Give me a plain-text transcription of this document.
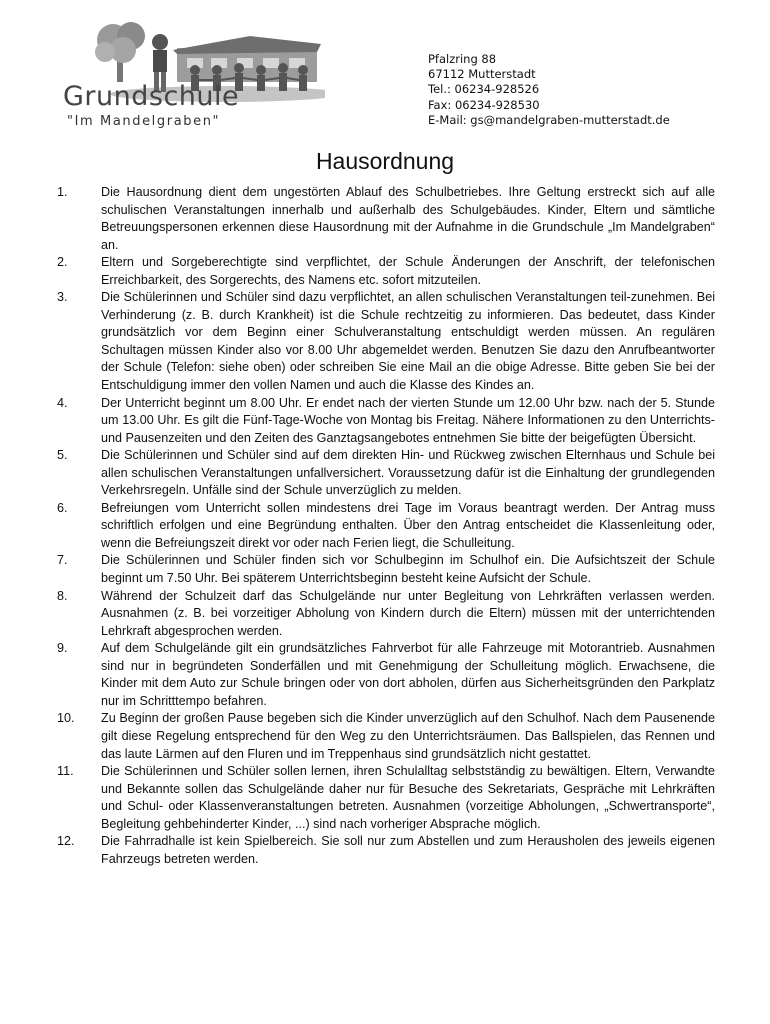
Grundschule
"Im Mandelgraben"
Pfalzring 88
67112 Mutterstadt
Tel.: 06234-928526
Fax: 06234-928530
E-Mail: gs@mandelgraben-mutterstadt.de
Hausordnung
1.	Die Hausordnung dient dem ungestörten Ablauf des Schulbetriebes. Ihre Geltung erstreckt sich auf alle schulischen Veranstaltungen innerhalb und außerhalb des Schulgebäudes. Kinder, Eltern und sämtliche Betreuungspersonen erkennen diese Hausordnung mit der Aufnahme in die Grundschule „Im Mandelgraben“ an.
2.	Eltern und Sorgeberechtigte sind verpflichtet, der Schule Änderungen der Anschrift, der telefonischen Erreichbarkeit, des Sorgerechts, des Namens etc. sofort mitzuteilen.
3.	Die Schülerinnen und Schüler sind dazu verpflichtet, an allen schulischen Veranstaltungen teil-zunehmen. Bei Verhinderung (z. B. durch Krankheit) ist die Schule rechtzeitig zu informieren. Das bedeutet, dass Kinder grundsätzlich vor dem Beginn einer Schulveranstaltung entschuldigt werden müssen. An regulären Schultagen müssen Kinder also vor 8.00 Uhr abgemeldet werden. Benutzen Sie dazu den Anrufbeantworter der Schule (Telefon: siehe oben) oder schreiben Sie eine Mail an die obige Adresse. Bitte geben Sie bei der Entschuldigung immer den vollen Namen und auch die Klasse des Kindes an.
4.	Der Unterricht beginnt um 8.00 Uhr. Er endet nach der vierten Stunde um 12.00 Uhr bzw. nach der 5. Stunde um 13.00 Uhr. Es gilt die Fünf-Tage-Woche von Montag bis Freitag. Nähere Informationen zu den Unterrichts- und Pausenzeiten und den Zeiten des Ganztagsangebotes entnehmen Sie bitte der beigefügten Übersicht.
5.	Die Schülerinnen und Schüler sind auf dem direkten Hin- und Rückweg zwischen Elternhaus und Schule bei allen schulischen Veranstaltungen unfallversichert. Voraussetzung dafür ist die Einhaltung der grundlegenden Verkehrsregeln. Unfälle sind der Schule unverzüglich zu melden.
6.	Befreiungen vom Unterricht sollen mindestens drei Tage im Voraus beantragt werden. Der Antrag muss schriftlich erfolgen und eine Begründung enthalten. Über den Antrag entscheidet die Klassenleitung oder, wenn die Befreiungszeit direkt vor oder nach Ferien liegt, die Schulleitung.
7.	Die Schülerinnen und Schüler finden sich vor Schulbeginn im Schulhof ein. Die Aufsichtszeit der Schule beginnt um 7.50 Uhr. Bei späterem Unterrichtsbeginn besteht keine Aufsicht der Schule.
8.	Während der Schulzeit darf das Schulgelände nur unter Begleitung von Lehrkräften verlassen werden. Ausnahmen (z. B. bei vorzeitiger Abholung von Kindern durch die Eltern) müssen mit der unterrichtenden Lehrkraft abgesprochen werden.
9.	Auf dem Schulgelände gilt ein grundsätzliches Fahrverbot für alle Fahrzeuge mit Motorantrieb. Ausnahmen sind nur in begründeten Sonderfällen und mit Genehmigung der Schulleitung möglich. Erwachsene, die Kinder mit dem Auto zur Schule bringen oder von dort abholen, dürfen aus Sicherheitsgründen den Parkplatz nur im Schritttempo befahren.
10.	Zu Beginn der großen Pause begeben sich die Kinder unverzüglich auf den Schulhof. Nach dem Pausenende gilt diese Regelung entsprechend für den Weg zu den Unterrichtsräumen. Das Ballspielen, das Rennen und das laute Lärmen auf den Fluren und im Treppenhaus sind grundsätzlich nicht gestattet.
11.	Die Schülerinnen und Schüler sollen lernen, ihren Schulalltag selbstständig zu bewältigen. Eltern, Verwandte und Bekannte sollen das Schulgelände daher nur für Besuche des Sekretariats, Gespräche mit Lehrkräften und Schul- oder Klassenveranstaltungen betreten. Ausnahmen (vorzeitige Abholungen, „Schwertransporte“, Begleitung gehbehinderter Kinder, ...) sind nach vorheriger Absprache möglich.
12.	Die Fahrradhalle ist kein Spielbereich. Sie soll nur zum Abstellen und zum Herausholen des jeweils eigenen Fahrzeugs betreten werden.
